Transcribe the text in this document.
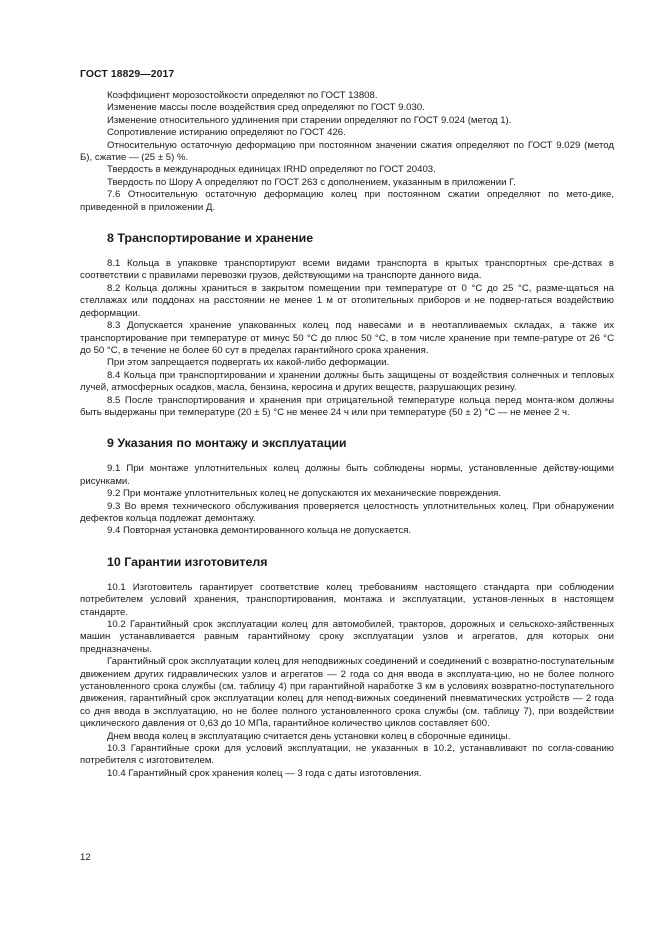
ГОСТ 18829—2017

Коэффициент морозостойкости определяют по ГОСТ 13808.

Изменение массы после воздействия сред определяют по ГОСТ 9.030.

Изменение относительного удлинения при старении определяют по ГОСТ 9.024 (метод 1).

Сопротивление истиранию определяют по ГОСТ 426.

Относительную остаточную деформацию при постоянном значении сжатия определяют по ГОСТ 9.029 (метод Б), сжатие — (25 ± 5) %.

Твердость в международных единицах IRHD определяют по ГОСТ 20403.

Твердость по Шору А определяют по ГОСТ 263 с дополнением, указанным в приложении Г.

7.6 Относительную остаточную деформацию колец при постоянном сжатии определяют по мето-дике, приведенной в приложении Д.

8 Транспортирование и хранение

8.1 Кольца в упаковке транспортируют всеми видами транспорта в крытых транспортных сре-дствах в соответствии с правилами перевозки грузов, действующими на транспорте данного вида.

8.2 Кольца должны храниться в закрытом помещении при температуре от 0 °С до 25 °С, разме-щаться на стеллажах или поддонах на расстоянии не менее 1 м от отопительных приборов и не подвер-гаться воздействию деформации.

8.3 Допускается хранение упакованных колец под навесами и в неотапливаемых складах, а также их транспортирование при температуре от минус 50 °С до плюс 50 °С, в том числе хранение при темпе-ратуре от 26 °С до 50 °С, в течение не более 60 сут в пределах гарантийного срока хранения.

При этом запрещается подвергать их какой-либо деформации.

8.4 Кольца при транспортировании и хранении должны быть защищены от воздействия солнечных и тепловых лучей, атмосферных осадков, масла, бензина, керосина и других веществ, разрушающих резину.

8.5 После транспортирования и хранения при отрицательной температуре кольца перед монта-жом должны быть выдержаны при температуре (20 ± 5) °С не менее 24 ч или при температуре (50 ± 2) °С — не менее 2 ч.

9 Указания по монтажу и эксплуатации

9.1 При монтаже уплотнительных колец должны быть соблюдены нормы, установленные действу-ющими рисунками.

9.2 При монтаже уплотнительных колец не допускаются их механические повреждения.

9.3 Во время технического обслуживания проверяется целостность уплотнительных колец. При обнаружении дефектов кольца подлежат демонтажу.

9.4 Повторная установка демонтированного кольца не допускается.

10 Гарантии изготовителя

10.1 Изготовитель гарантирует соответствие колец требованиям настоящего стандарта при соблюдении потребителем условий хранения, транспортирования, монтажа и эксплуатации, установ-ленных в настоящем стандарте.

10.2 Гарантийный срок эксплуатации колец для автомобилей, тракторов, дорожных и сельскохо-зяйственных машин устанавливается равным гарантийному сроку эксплуатации узлов и агрегатов, для которых они предназначены.

Гарантийный срок эксплуатации колец для неподвижных соединений и соединений с возвратно-поступательным движением других гидравлических узлов и агрегатов — 2 года со дня ввода в эксплуата-цию, но не более полного установленного срока службы (см. таблицу 4) при гарантийной наработке 3 км в условиях возвратно-поступательного движения, гарантийный срок эксплуатации колец для непод-вижных соединений пневматических устройств — 2 года со дня ввода в эксплуатацию, но не более полного установленного срока службы (см. таблицу 7), при воздействии циклического давления от 0,63 до 10 МПа, гарантийное количество циклов составляет 600.

Днем ввода колец в эксплуатацию считается день установки колец в сборочные единицы.

10.3 Гарантийные сроки для условий эксплуатации, не указанных в 10.2, устанавливают по согла-сованию потребителя с изготовителем.

10.4 Гарантийный срок хранения колец — 3 года с даты изготовления.

12
